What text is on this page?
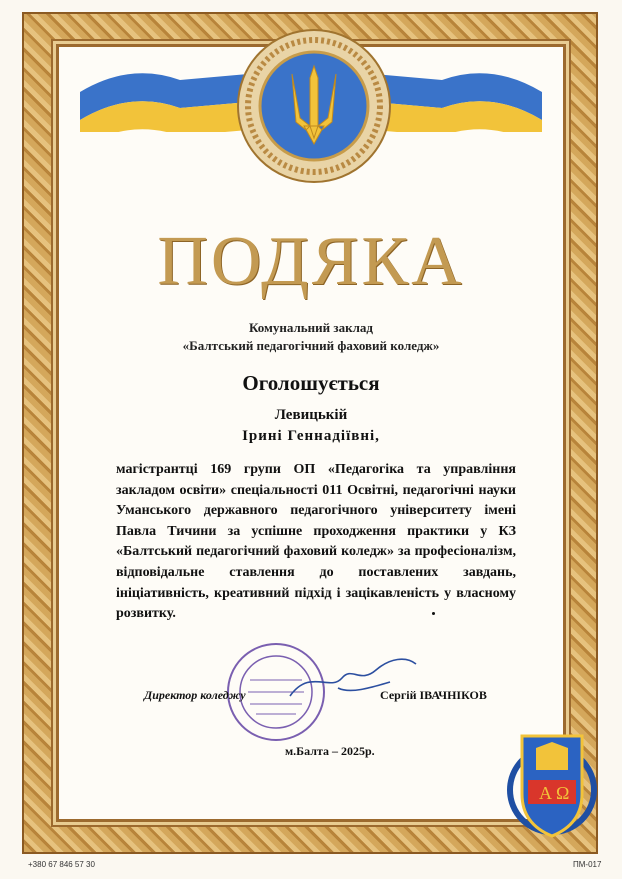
ПОДЯКА
Комунальний заклад
«Балтський педагогічний фаховий коледж»
Оголошується
Левицькій
Ірині Геннадіївні,
магістрантці 169 групи ОП «Педагогіка та управління закладом освіти» спеціальності 011 Освітні, педагогічні науки Уманського державного педагогічного університету імені Павла Тичини за успішне проходження практики у КЗ «Балтський педагогічний фаховий коледж» за професіоналізм, відповідальне ставлення до поставлених завдань, ініціативність, креативний підхід і зацікавленість у власному розвитку.
Директор коледжу	Сергій ІВАЧНІКОВ
м.Балта – 2025р.
А Ω
+380 67 846 57 30	ПМ-017
